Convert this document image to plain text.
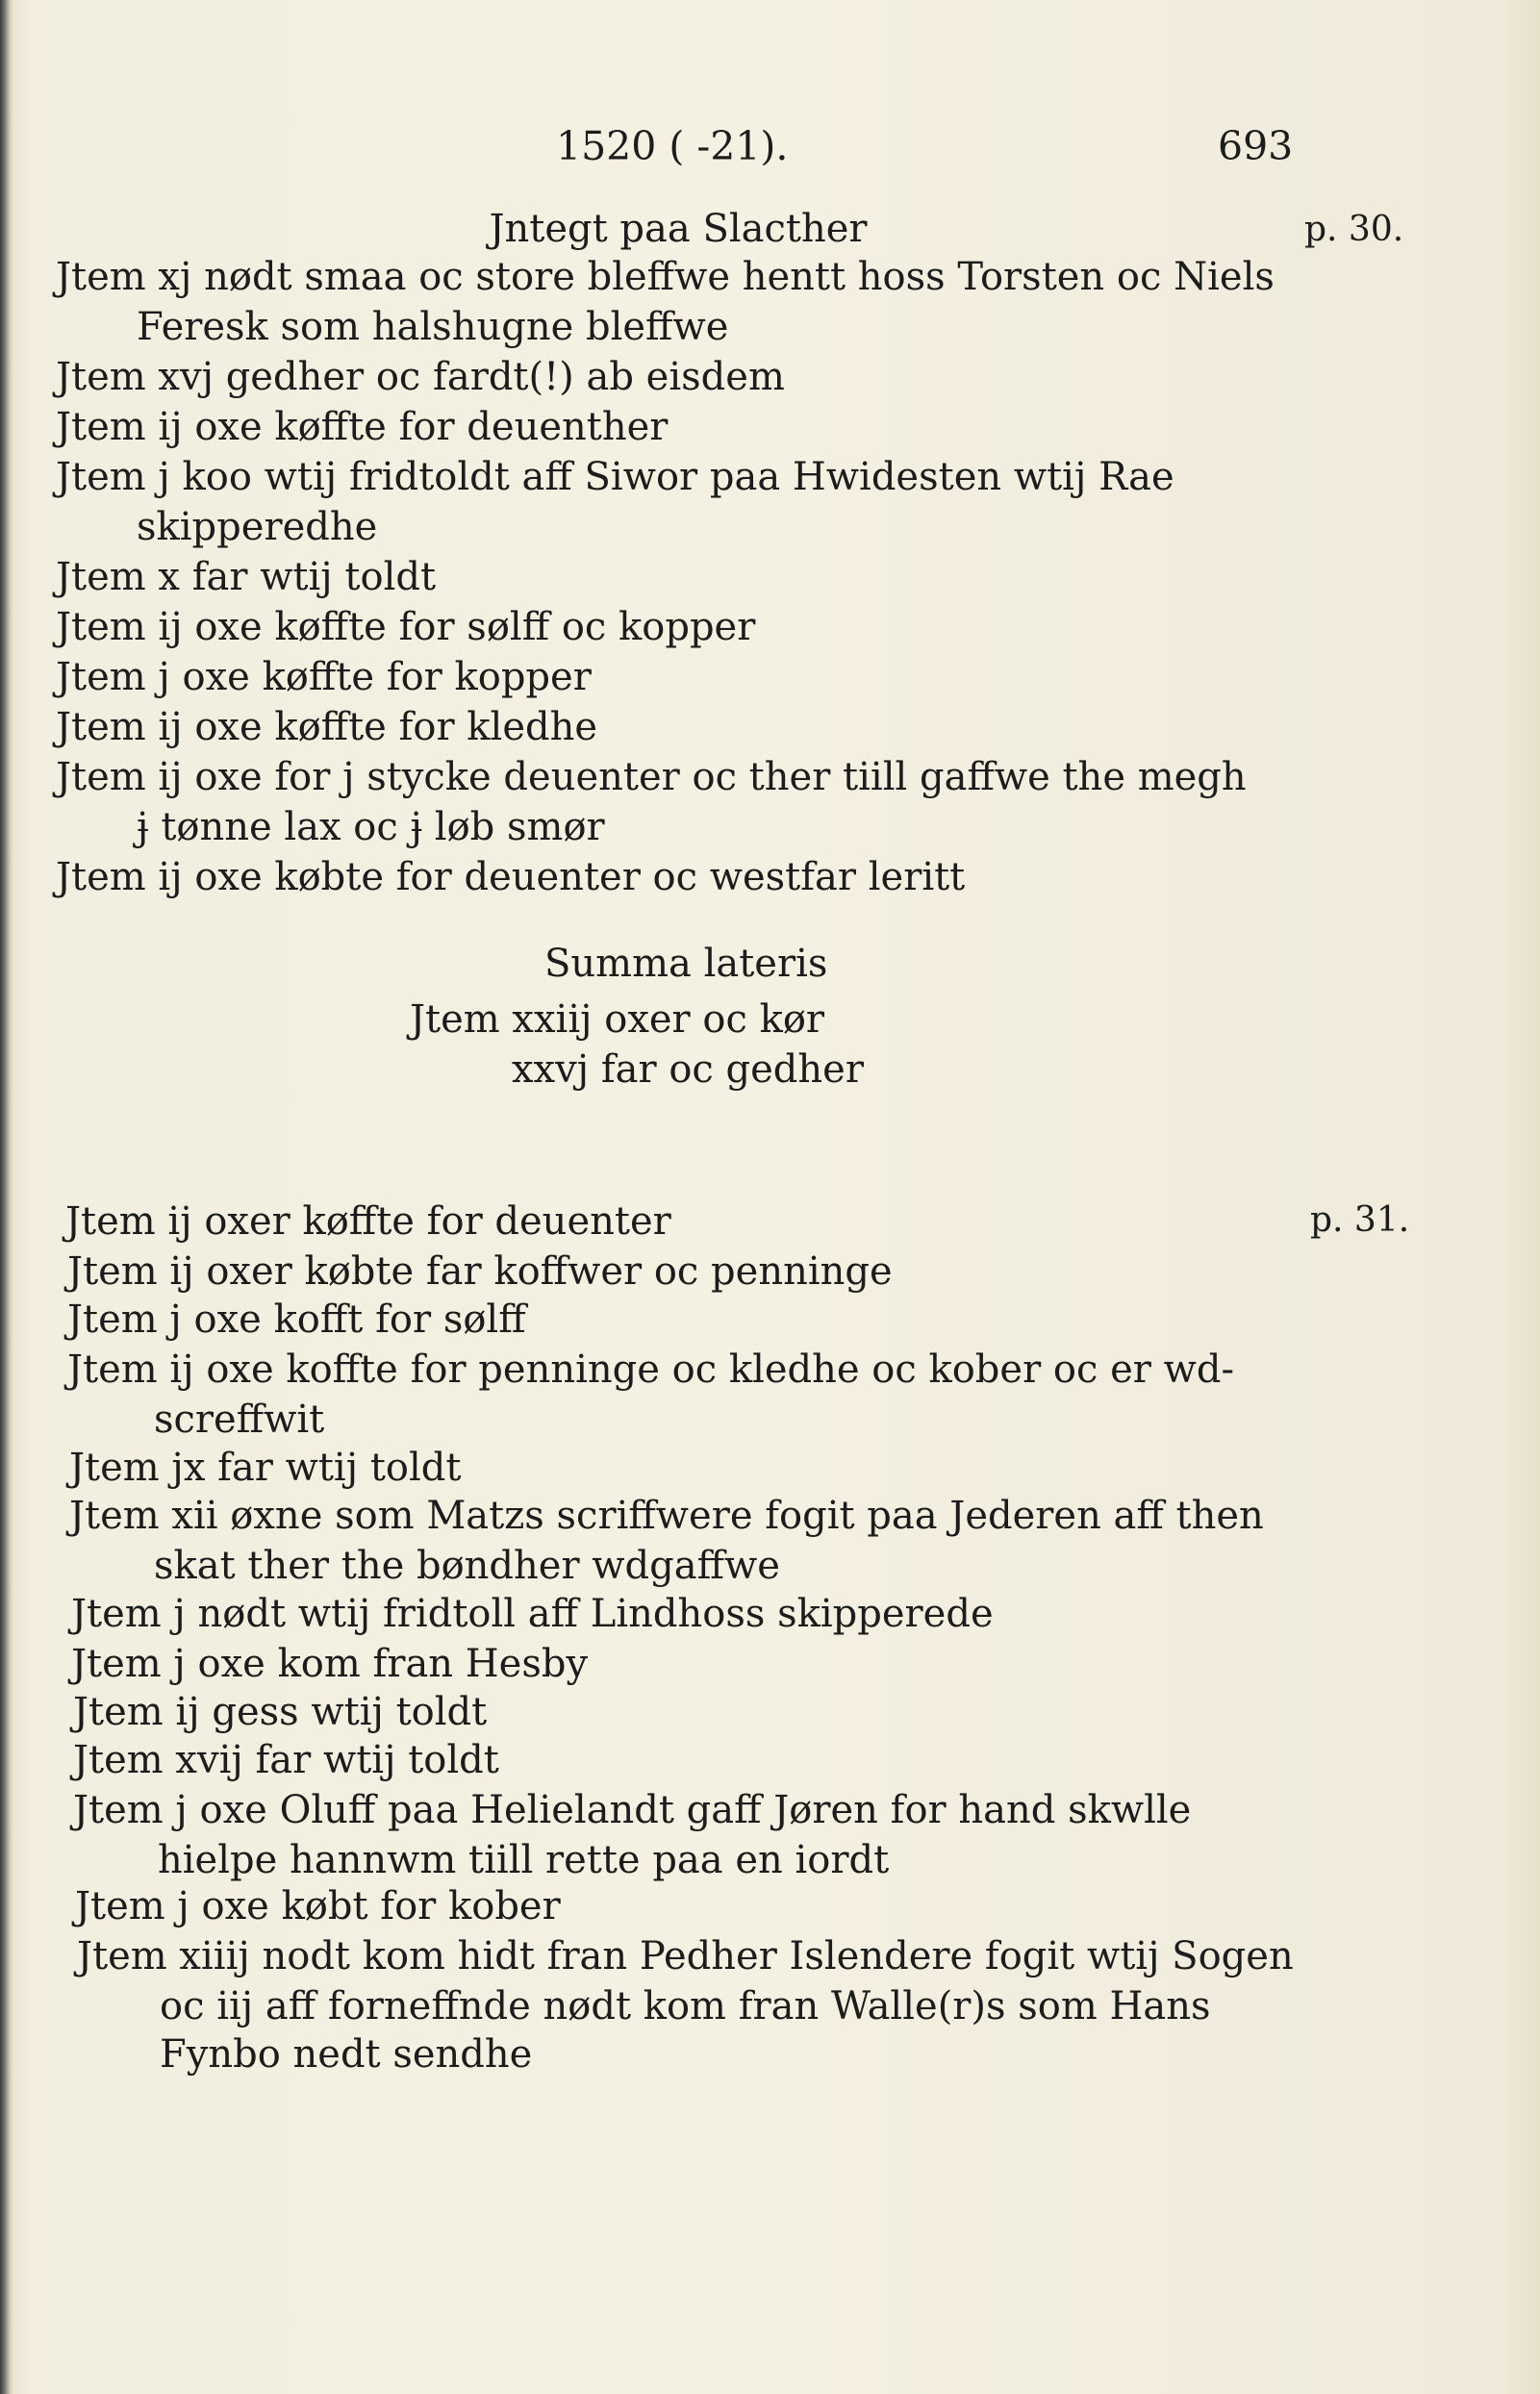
1520 ( -21).	693
Jntegt paa Slacther	p. 30.
Jtem xj nødt smaa oc store bleffwe hentt hoss Torsten oc Niels
Feresk som halshugne bleffwe
Jtem xvj gedher oc fardt(!) ab eisdem
Jtem ij oxe køffte for deuenther
Jtem j koo wtij fridtoldt aff Siwor paa Hwidesten wtij Rae
skipperedhe
Jtem x far wtij toldt
Jtem ij oxe køffte for sølff oc kopper
Jtem j oxe køffte for kopper
Jtem ij oxe køffte for kledhe
Jtem ij oxe for j stycke deuenter oc ther tiill gaffwe the megh
ɉ tønne lax oc ɉ løb smør
Jtem ij oxe købte for deuenter oc westfar leritt
Summa lateris
Jtem xxiij oxer oc kør
xxvj far oc gedher
p. 31.
Jtem ij oxer køffte for deuenter
Jtem ij oxer købte far koffwer oc penninge
Jtem j oxe kofft for sølff
Jtem ij oxe koffte for penninge oc kledhe oc kober oc er wd-
screffwit
Jtem jx far wtij toldt
Jtem xii øxne som Matzs scriffwere fogit paa Jederen aff then
skat ther the bøndher wdgaffwe
Jtem j nødt wtij fridtoll aff Lindhoss skipperede
Jtem j oxe kom fran Hesby
Jtem ij gess wtij toldt
Jtem xvij far wtij toldt
Jtem j oxe Oluff paa Helielandt gaff Jøren for hand skwlle
hielpe hannwm tiill rette paa en iordt
Jtem j oxe købt for kober
Jtem xiiij nodt kom hidt fran Pedher Islendere fogit wtij Sogen
oc iij aff forneffnde nødt kom fran Walle(r)s som Hans
Fynbo nedt sendhe
